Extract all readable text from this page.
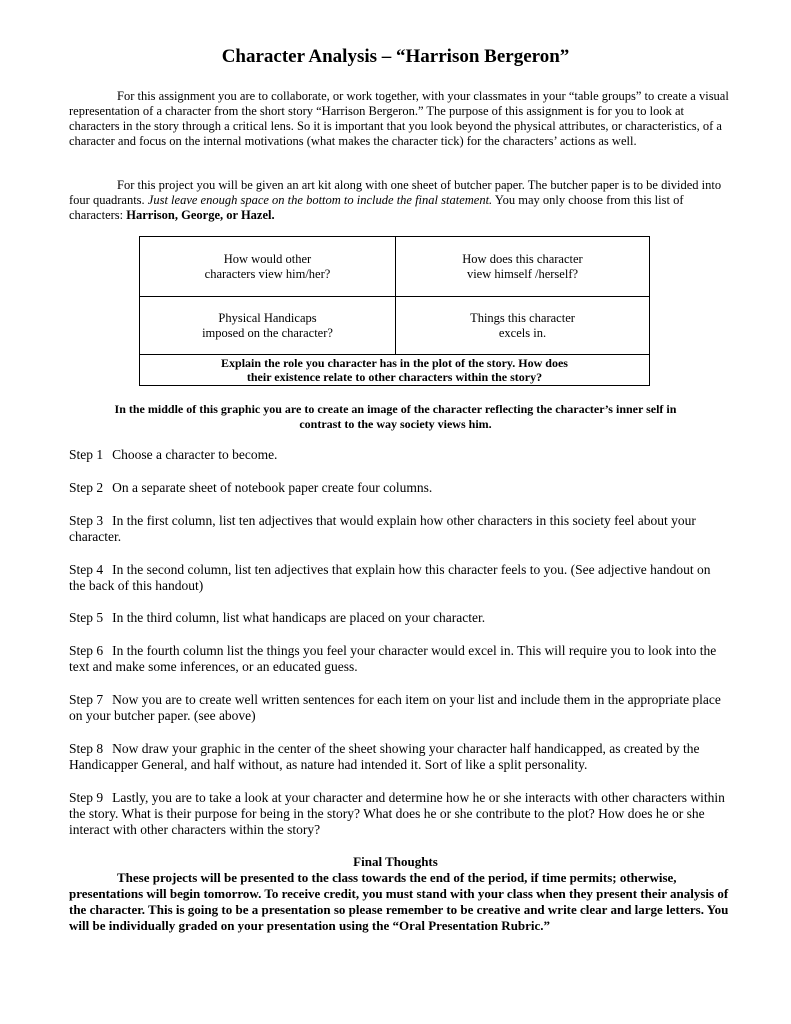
Character Analysis – “Harrison Bergeron”
For this assignment you are to collaborate, or work together, with your classmates in your “table groups” to create a visual representation of a character from the short story “Harrison Bergeron.” The purpose of this assignment is for you to look at characters in the story through a critical lens. So it is important that you look beyond the physical attributes, or characteristics, of a character and focus on the internal motivations (what makes the character tick) for the characters’ actions as well.
For this project you will be given an art kit along with one sheet of butcher paper. The butcher paper is to be divided into four quadrants. Just leave enough space on the bottom to include the final statement. You may only choose from this list of characters: Harrison, George, or Hazel.
How would other
characters view him/her?
How does this character
view himself /herself?
Physical Handicaps
imposed on the character?
Things this character
excels in.
Explain the role you character has in the plot of the story. How does
their existence relate to other characters within the story?
In the middle of this graphic you are to create an image of the character reflecting the character’s inner self in
contrast to the way society views him.
Step 1 Choose a character to become.
Step 2 On a separate sheet of notebook paper create four columns.
Step 3 In the first column, list ten adjectives that would explain how other characters in this society feel about your character.
Step 4 In the second column, list ten adjectives that explain how this character feels to you. (See adjective handout on the back of this handout)
Step 5 In the third column, list what handicaps are placed on your character.
Step 6 In the fourth column list the things you feel your character would excel in. This will require you to look into the text and make some inferences, or an educated guess.
Step 7 Now you are to create well written sentences for each item on your list and include them in the appropriate place on your butcher paper. (see above)
Step 8 Now draw your graphic in the center of the sheet showing your character half handicapped, as created by the Handicapper General, and half without, as nature had intended it. Sort of like a split personality.
Step 9 Lastly, you are to take a look at your character and determine how he or she interacts with other characters within the story. What is their purpose for being in the story? What does he or she contribute to the plot? How does he or she interact with other characters within the story?
Final Thoughts
These projects will be presented to the class towards the end of the period, if time permits; otherwise, presentations will begin tomorrow. To receive credit, you must stand with your class when they present their analysis of the character. This is going to be a presentation so please remember to be creative and write clear and large letters. You will be individually graded on your presentation using the “Oral Presentation Rubric.”
